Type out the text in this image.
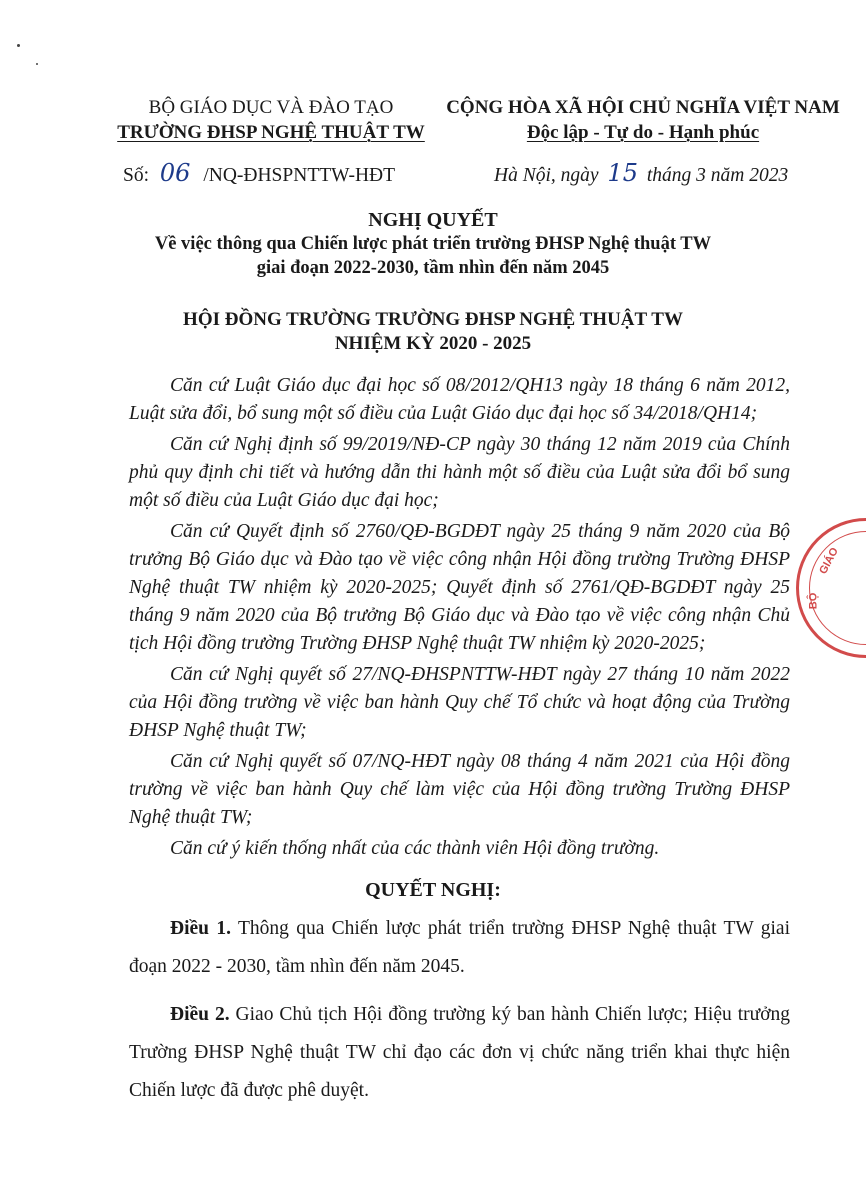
BỘ GIÁO DỤC VÀ ĐÀO TẠO
TRƯỜNG ĐHSP NGHỆ THUẬT TW
CỘNG HÒA XÃ HỘI CHỦ NGHĨA VIỆT NAM
Độc lập - Tự do - Hạnh phúc
Số: 06 /NQ-ĐHSPNTTW-HĐT	Hà Nội, ngày 15 tháng 3 năm 2023
NGHỊ QUYẾT
Về việc thông qua Chiến lược phát triển trường ĐHSP Nghệ thuật TW
giai đoạn 2022-2030, tầm nhìn đến năm 2045
HỘI ĐỒNG TRƯỜNG TRƯỜNG ĐHSP NGHỆ THUẬT TW
NHIỆM KỲ 2020 - 2025
Căn cứ Luật Giáo dục đại học số 08/2012/QH13 ngày 18 tháng 6 năm 2012, Luật sửa đổi, bổ sung một số điều của Luật Giáo dục đại học số 34/2018/QH14;
Căn cứ Nghị định số 99/2019/NĐ-CP ngày 30 tháng 12 năm 2019 của Chính phủ quy định chi tiết và hướng dẫn thi hành một số điều của Luật sửa đổi bổ sung một số điều của Luật Giáo dục đại học;
Căn cứ Quyết định số 2760/QĐ-BGDĐT ngày 25 tháng 9 năm 2020 của Bộ trưởng Bộ Giáo dục và Đào tạo về việc công nhận Hội đồng trường Trường ĐHSP Nghệ thuật TW nhiệm kỳ 2020-2025; Quyết định số 2761/QĐ-BGDĐT ngày 25 tháng 9 năm 2020 của Bộ trưởng Bộ Giáo dục và Đào tạo về việc công nhận Chủ tịch Hội đồng trường Trường ĐHSP Nghệ thuật TW nhiệm kỳ 2020-2025;
Căn cứ Nghị quyết số 27/NQ-ĐHSPNTTW-HĐT ngày 27 tháng 10 năm 2022 của Hội đồng trường về việc ban hành Quy chế Tổ chức và hoạt động của Trường ĐHSP Nghệ thuật TW;
Căn cứ Nghị quyết số 07/NQ-HĐT ngày 08 tháng 4 năm 2021 của Hội đồng trường về việc ban hành Quy chế làm việc của Hội đồng trường Trường ĐHSP Nghệ thuật TW;
Căn cứ ý kiến thống nhất của các thành viên Hội đồng trường.
QUYẾT NGHỊ:
Điều 1. Thông qua Chiến lược phát triển trường ĐHSP Nghệ thuật TW giai đoạn 2022 - 2030, tầm nhìn đến năm 2045.
Điều 2. Giao Chủ tịch Hội đồng trường ký ban hành Chiến lược; Hiệu trưởng Trường ĐHSP Nghệ thuật TW chỉ đạo các đơn vị chức năng triển khai thực hiện Chiến lược đã được phê duyệt.
GIÁO
BỘ
